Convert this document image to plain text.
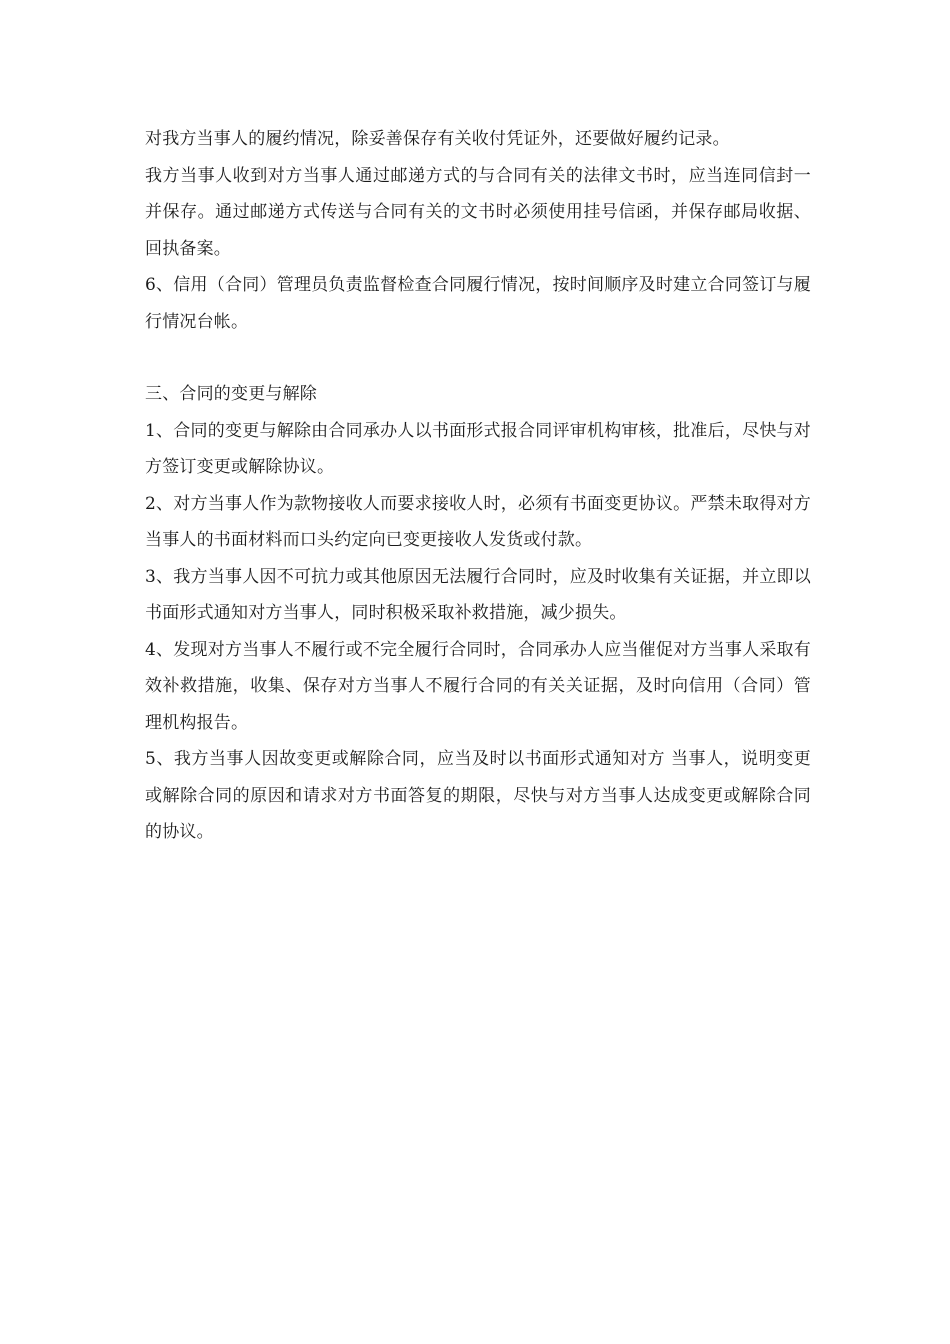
对我方当事人的履约情况，除妥善保存有关收付凭证外，还要做好履约记录。

我方当事人收到对方当事人通过邮递方式的与合同有关的法律文书时，应当连同信封一并保存。通过邮递方式传送与合同有关的文书时必须使用挂号信函，并保存邮局收据、回执备案。

6、信用（合同）管理员负责监督检查合同履行情况，按时间顺序及时建立合同签订与履行情况台帐。

三、合同的变更与解除

1、合同的变更与解除由合同承办人以书面形式报合同评审机构审核，批准后，尽快与对方签订变更或解除协议。

2、对方当事人作为款物接收人而要求接收人时，必须有书面变更协议。严禁未取得对方当事人的书面材料而口头约定向已变更接收人发货或付款。

3、我方当事人因不可抗力或其他原因无法履行合同时，应及时收集有关证据，并立即以书面形式通知对方当事人，同时积极采取补救措施，减少损失。

4、发现对方当事人不履行或不完全履行合同时，合同承办人应当催促对方当事人采取有效补救措施，收集、保存对方当事人不履行合同的有关关证据，及时向信用（合同）管理机构报告。

5、我方当事人因故变更或解除合同，应当及时以书面形式通知对方 当事人，说明变更或解除合同的原因和请求对方书面答复的期限，尽快与对方当事人达成变更或解除合同的协议。
